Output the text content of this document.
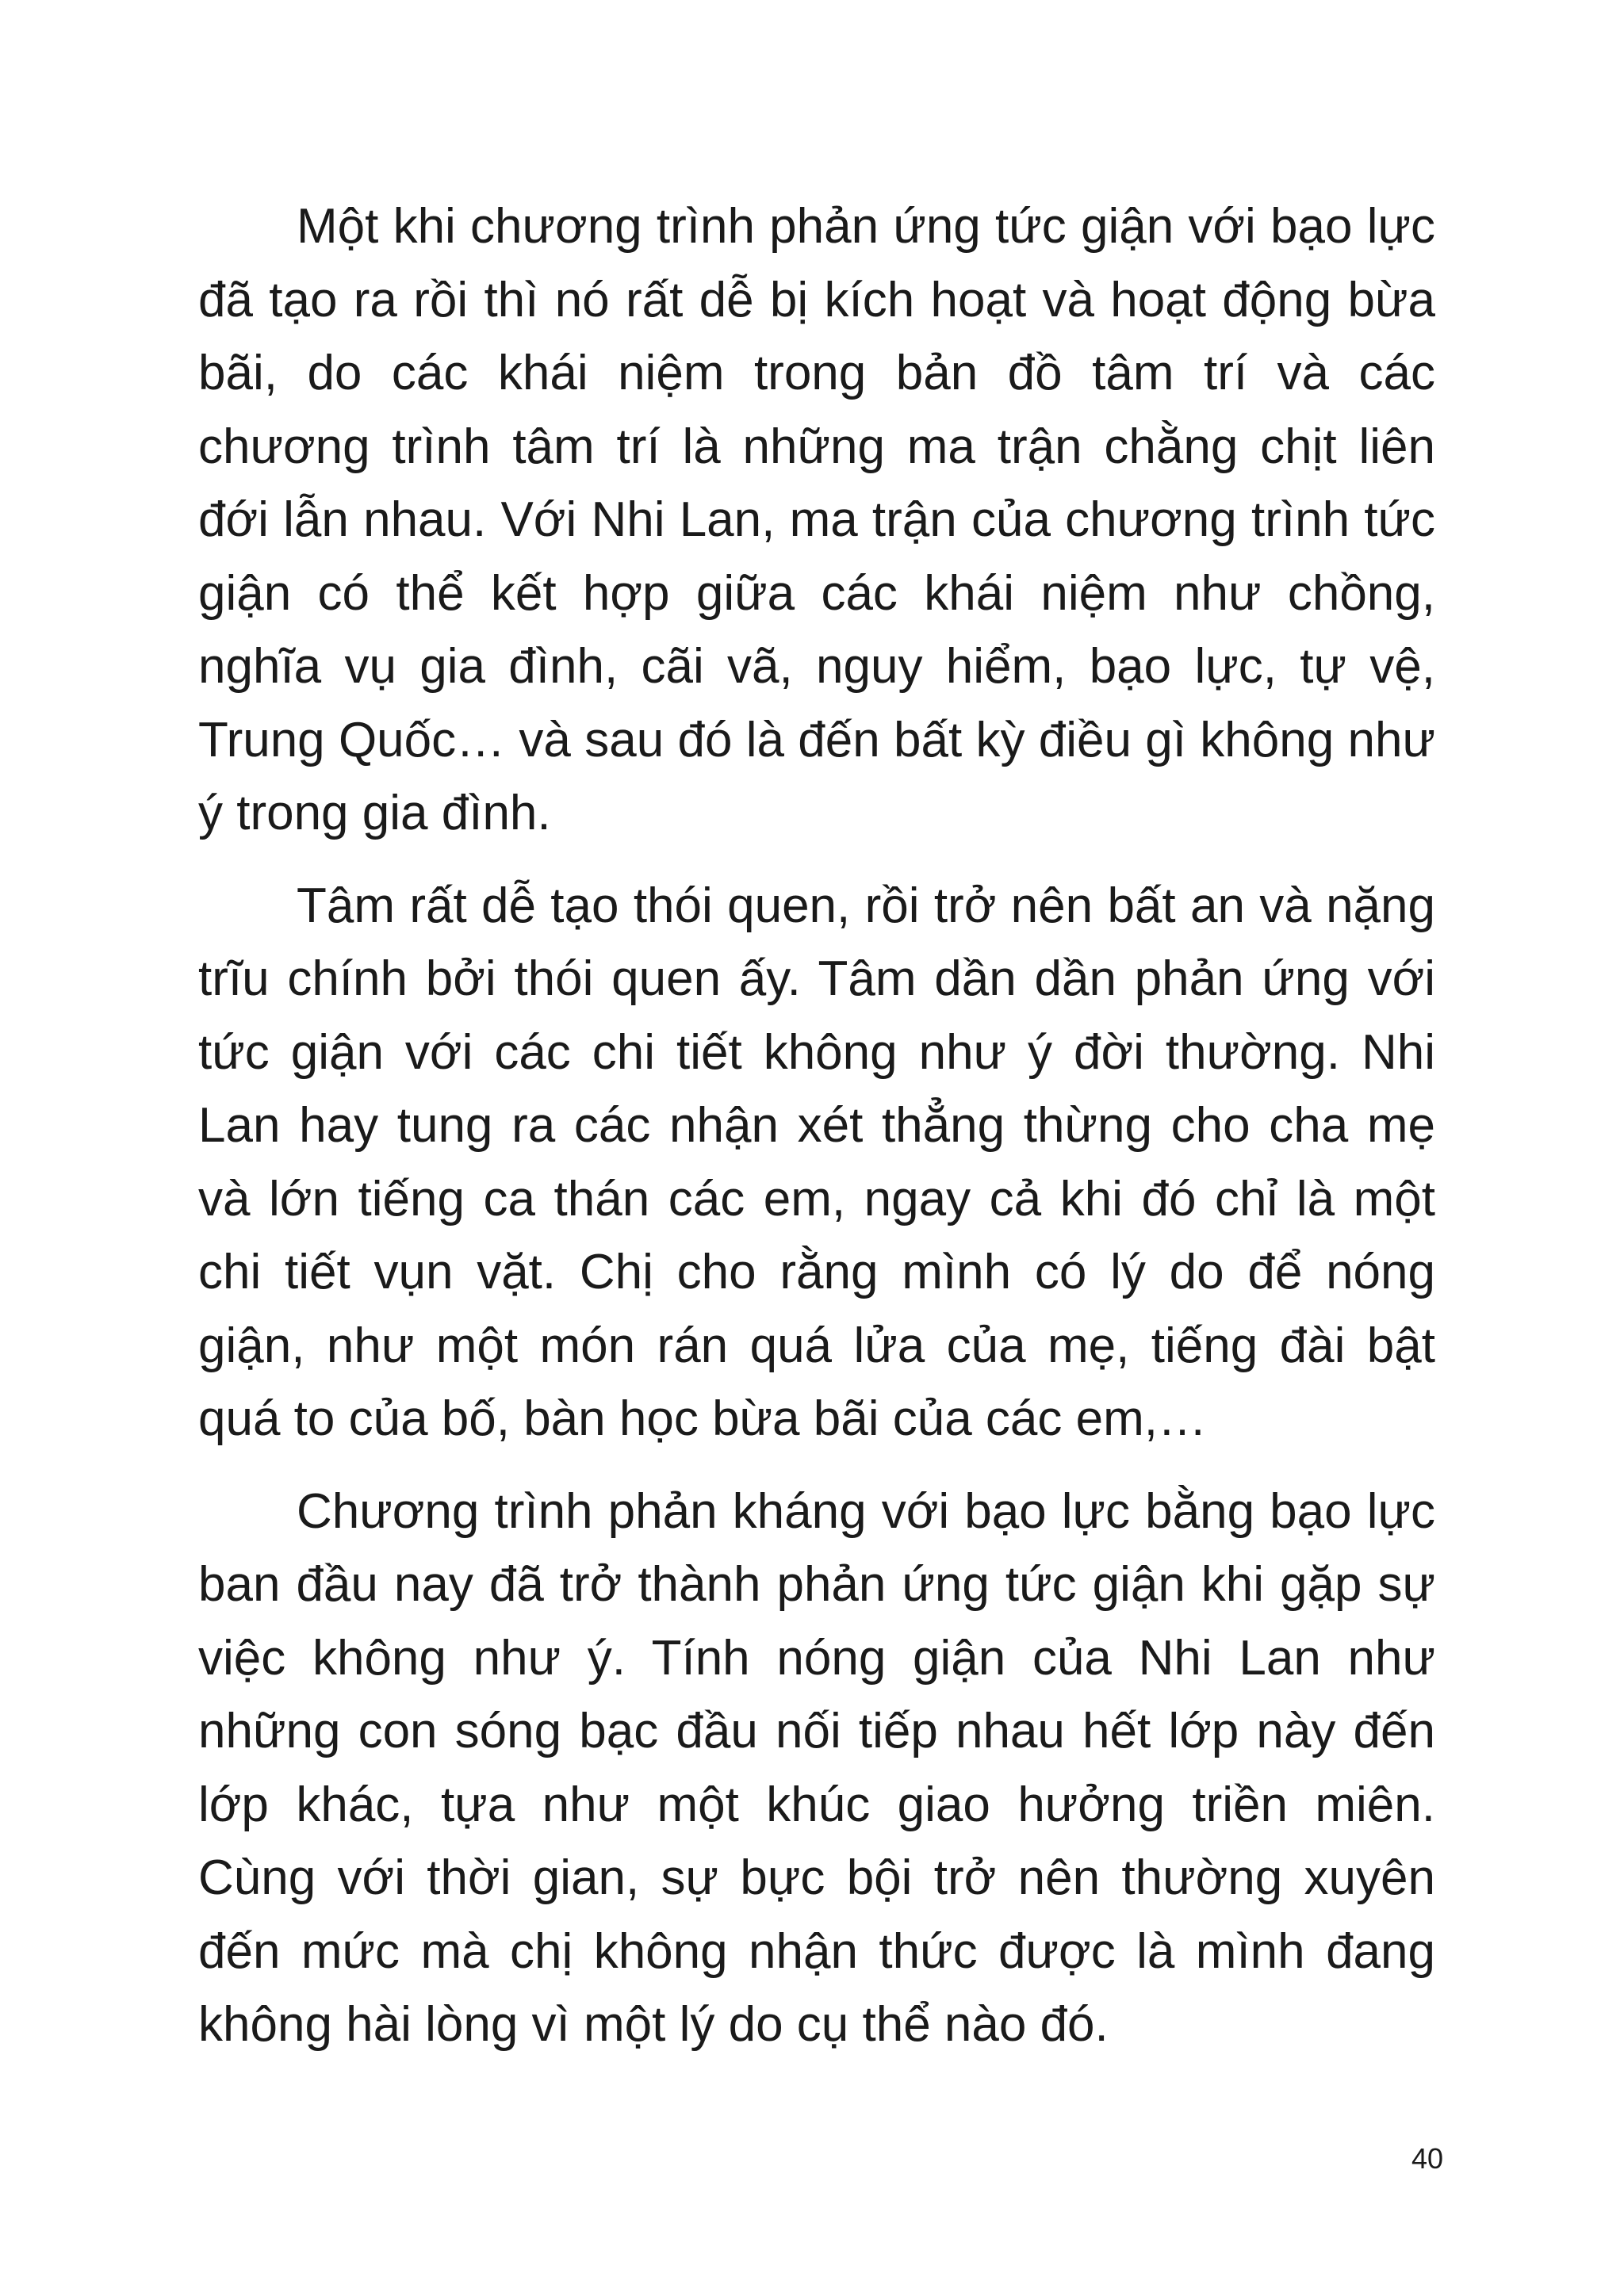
Một khi chương trình phản ứng tức giận với bạo lực đã tạo ra rồi thì nó rất dễ bị kích hoạt và hoạt động bừa bãi, do các khái niệm trong bản đồ tâm trí và các chương trình tâm trí là những ma trận chằng chịt liên đới lẫn nhau. Với Nhi Lan, ma trận của chương trình tức giận có thể kết hợp giữa các khái niệm như chồng, nghĩa vụ gia đình, cãi vã, nguy hiểm, bạo lực, tự vệ, Trung Quốc… và sau đó là đến bất kỳ điều gì không như ý trong gia đình.

Tâm rất dễ tạo thói quen, rồi trở nên bất an và nặng trĩu chính bởi thói quen ấy. Tâm dần dần phản ứng với tức giận với các chi tiết không như ý đời thường. Nhi Lan hay tung ra các nhận xét thẳng thừng cho cha mẹ và lớn tiếng ca thán các em, ngay cả khi đó chỉ là một chi tiết vụn vặt. Chị cho rằng mình có lý do để nóng giận, như một món rán quá lửa của mẹ, tiếng đài bật quá to của bố, bàn học bừa bãi của các em,…

Chương trình phản kháng với bạo lực bằng bạo lực ban đầu nay đã trở thành phản ứng tức giận khi gặp sự việc không như ý. Tính nóng giận của Nhi Lan như những con sóng bạc đầu nối tiếp nhau hết lớp này đến lớp khác, tựa như một khúc giao hưởng triền miên. Cùng với thời gian, sự bực bội trở nên thường xuyên đến mức mà chị không nhận thức được là mình đang không hài lòng vì một lý do cụ thể nào đó.

40
